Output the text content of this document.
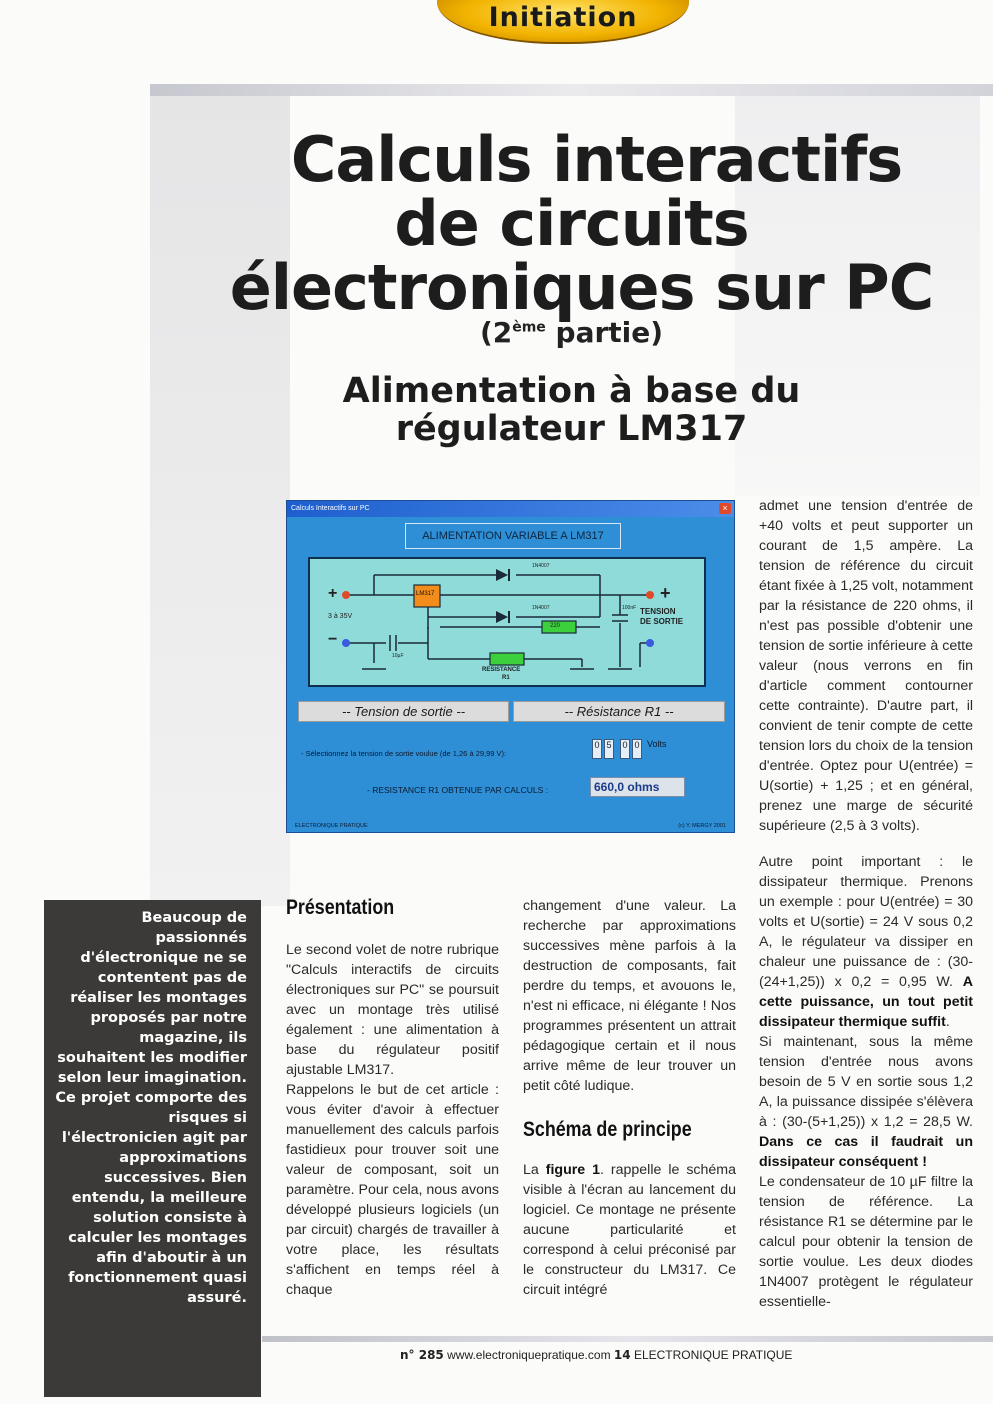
Initiation
Calculs interactifs
de circuits
électroniques sur PC
(2ème partie)
Alimentation à base du
régulateur LM317
Calculs Interactifs sur PC	×
ALIMENTATION VARIABLE A LM317
+
−
3 à 35V
LM317
1N4007
1N4007
220
100nF
10µF
RESISTANCE
R1
+
TENSION
DE SORTIE
-- Tension de sortie --	-- Résistance R1 --
- Sélectionnez la tension de sortie voulue (de 1,26 à 29,99 V):
0 5 0 0 Volts
- RESISTANCE R1 OBTENUE PAR CALCULS :	660,0 ohms
ELECTRONIQUE PRATIQUE	(c) Y. MERGY 2001
Beaucoup de passionnés d'électronique ne se contentent pas de réaliser les montages proposés par notre magazine, ils souhaitent les modifier selon leur imagination. Ce projet comporte des risques si l'électronicien agit par approximations successives. Bien entendu, la meilleure solution consiste à calculer les montages afin d'aboutir à un fonctionnement quasi assuré.
Présentation

Le second volet de notre rubrique "Calculs interactifs de circuits électroniques sur PC" se poursuit avec un montage très utilisé également : une alimentation à base du régulateur positif ajustable LM317.

Rappelons le but de cet article : vous éviter d'avoir à effectuer manuellement des calculs parfois fastidieux pour trouver soit une valeur de composant, soit un paramètre. Pour cela, nous avons développé plusieurs logiciels (un par circuit) chargés de travailler à votre place, les résultats s'affichent en temps réel à chaque

changement d'une valeur. La recherche par approximations successives mène parfois à la destruction de composants, fait perdre du temps, et avouons le, n'est ni efficace, ni élégante ! Nos programmes présentent un attrait pédagogique certain et il nous arrive même de leur trouver un petit côté ludique.

Schéma de principe

La figure 1. rappelle le schéma visible à l'écran au lancement du logiciel. Ce montage ne présente aucune particularité et correspond à celui préconisé par le constructeur du LM317. Ce circuit intégré

admet une tension d'entrée de +40 volts et peut supporter un courant de 1,5 ampère. La tension de référence du circuit étant fixée à 1,25 volt, notamment par la résistance de 220 ohms, il n'est pas possible d'obtenir une tension de sortie inférieure à cette valeur (nous verrons en fin d'article comment contourner cette contrainte). D'autre part, il convient de tenir compte de cette tension lors du choix de la tension d'entrée. Optez pour U(entrée) = U(sortie) + 1,25 ; et en général, prenez une marge de sécurité supérieure (2,5 à 3 volts).

Autre point important : le dissipateur thermique. Prenons un exemple : pour U(entrée) = 30 volts et U(sortie) = 24 V sous 0,2 A, le régulateur va dissiper en chaleur une puissance de : (30-(24+1,25)) x 0,2 = 0,95 W. A cette puissance, un tout petit dissipateur thermique suffit.

Si maintenant, sous la même tension d'entrée nous avons besoin de 5 V en sortie sous 1,2 A, la puissance dissipée s'élèvera à : (30-(5+1,25)) x 1,2 = 28,5 W. Dans ce cas il faudrait un dissipateur conséquent !

Le condensateur de 10 µF filtre la tension de référence. La résistance R1 se détermine par le calcul pour obtenir la tension de sortie voulue. Les deux diodes 1N4007 protègent le régulateur essentielle-

n° 285 www.electroniquepratique.com 14 ELECTRONIQUE PRATIQUE
